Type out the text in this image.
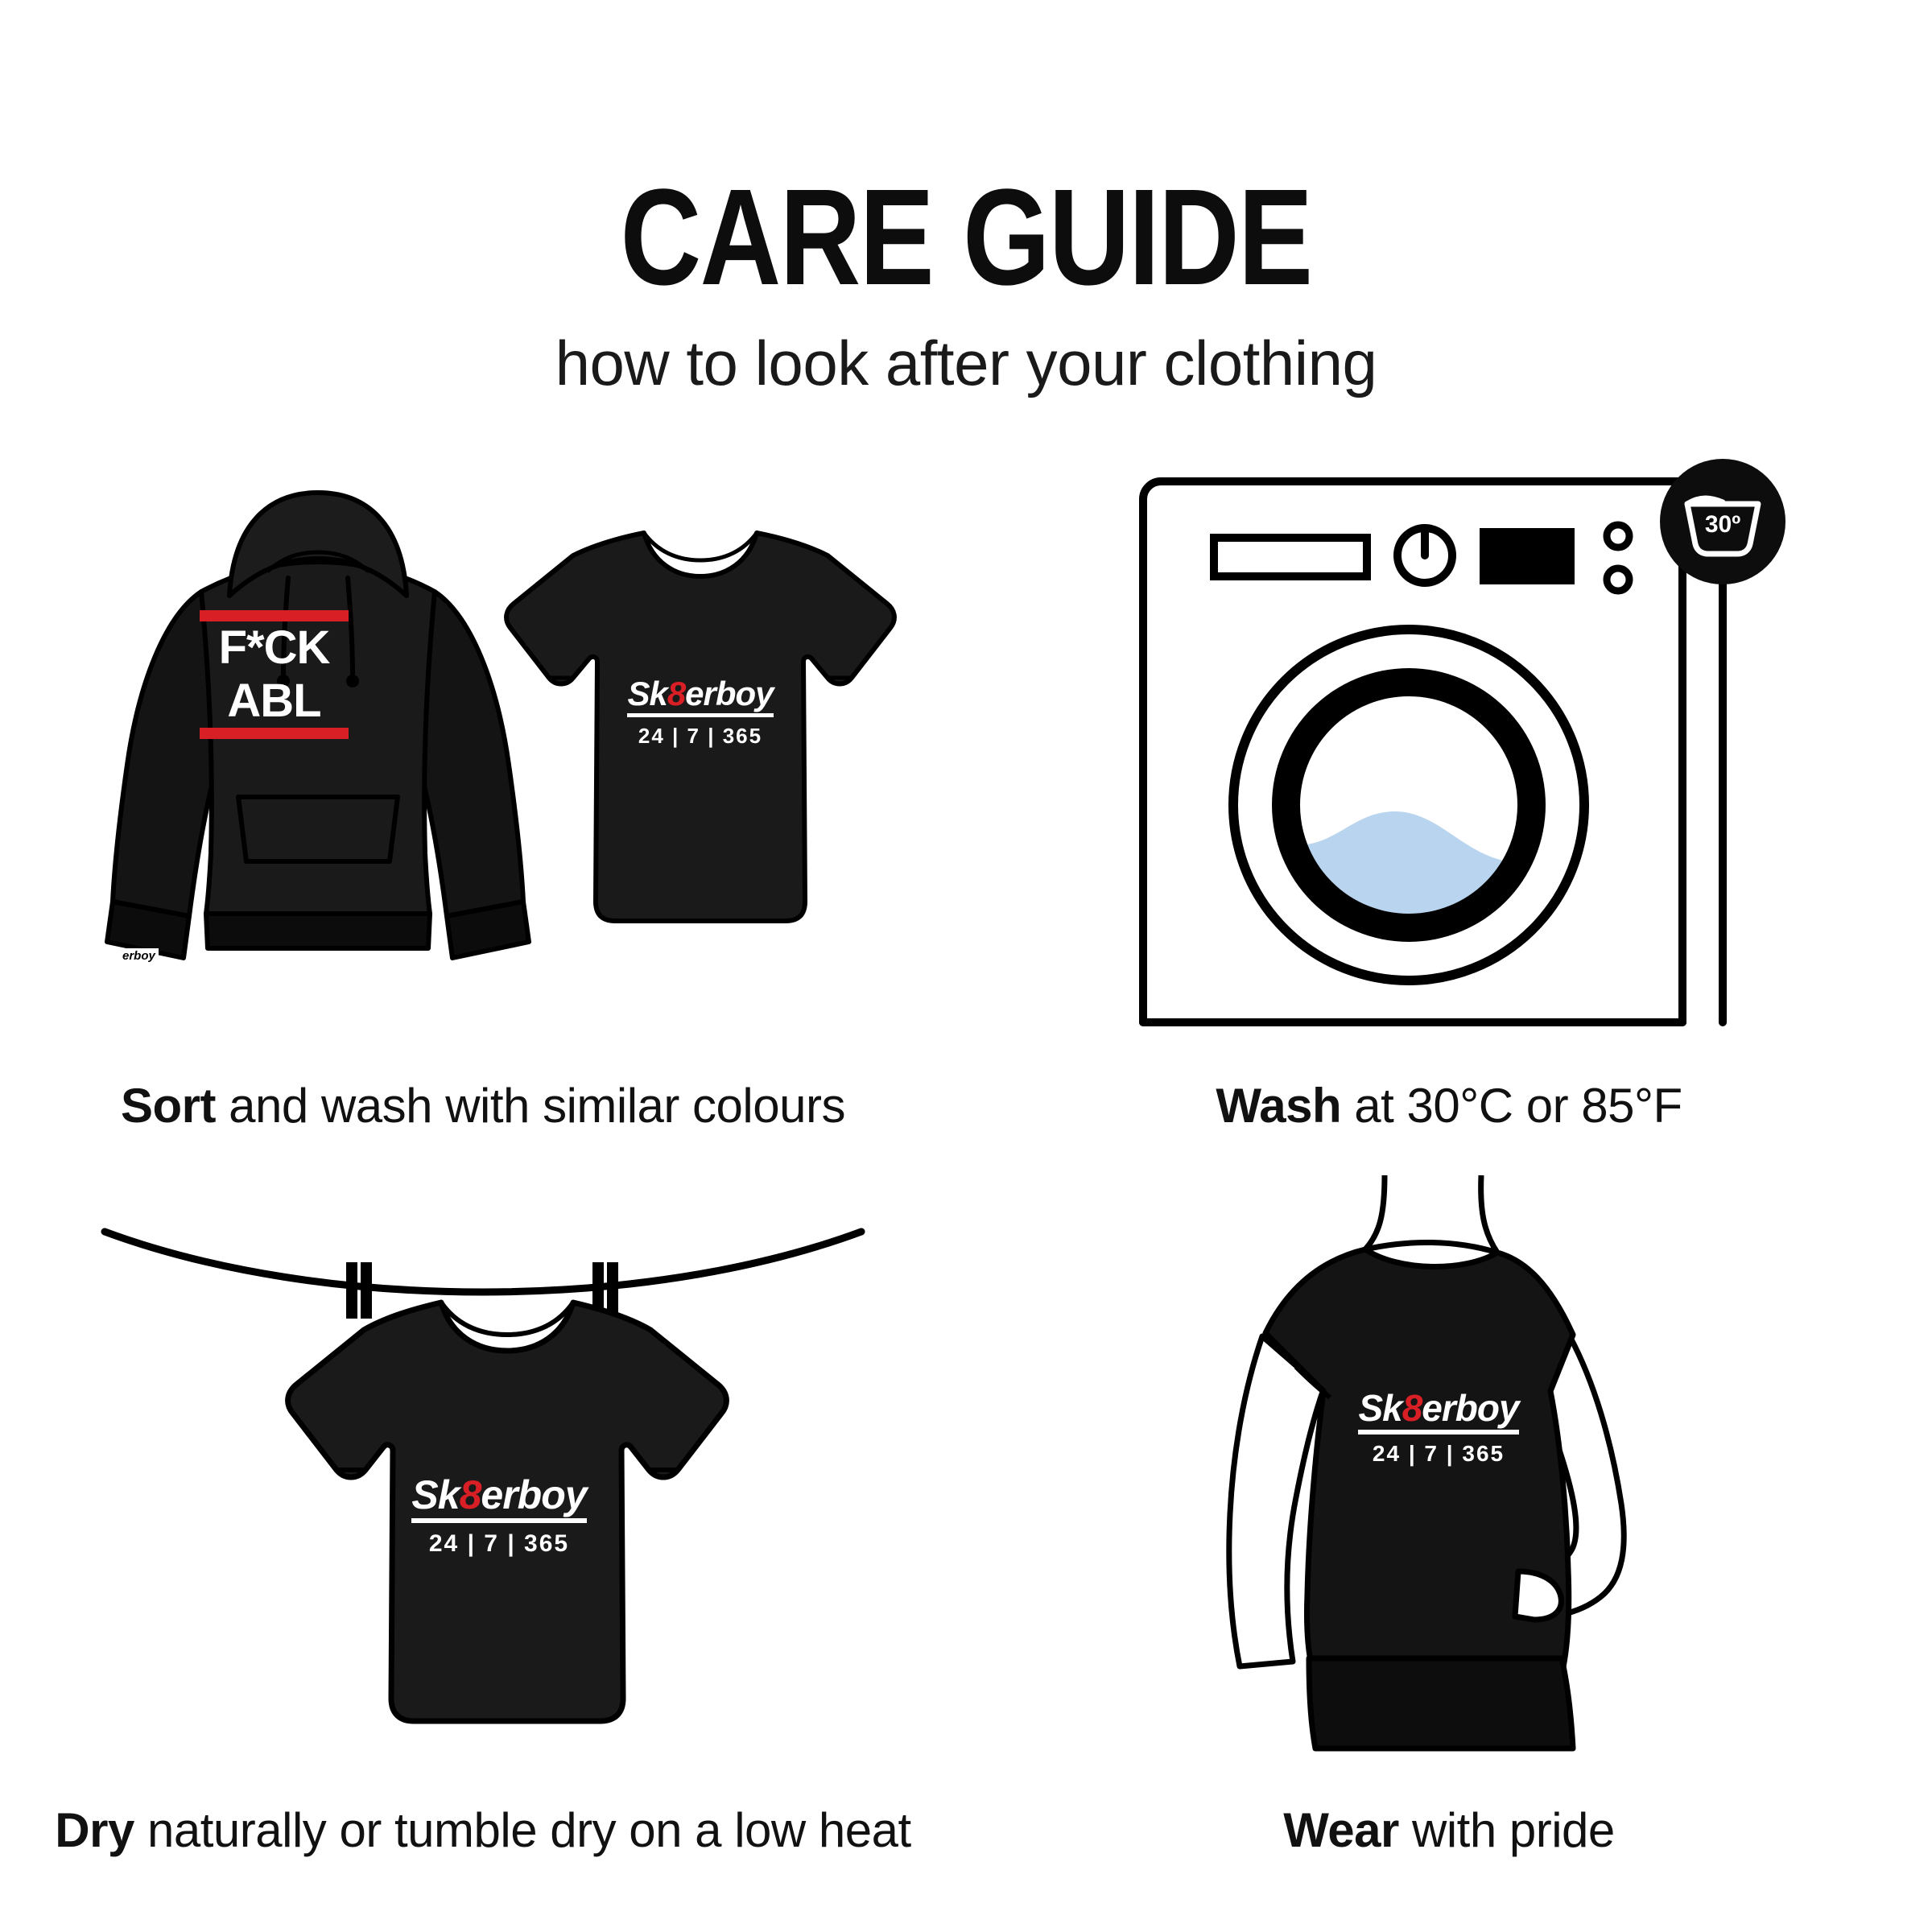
CARE GUIDE

how to look after your clothing

F*CK
ABL
erboy
Sk8erboy
24 | 7 | 365
Sort and wash with similar colours
30º
Wash at 30°C or 85°F
Sk8erboy
24 | 7 | 365
Dry naturally or tumble dry on a low heat
Sk8erboy
24 | 7 | 365
Wear with pride
